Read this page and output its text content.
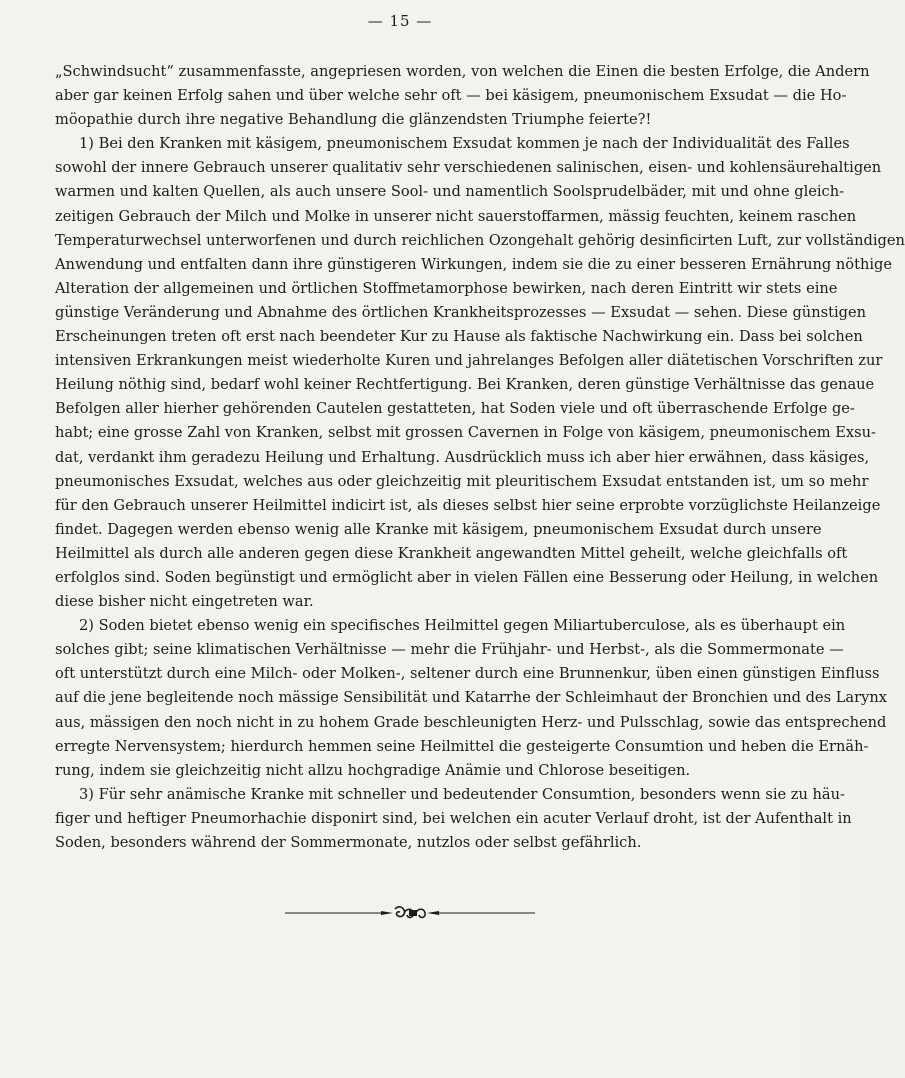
— 15 —
„Schwindsucht“ zusammenfasste, angepriesen worden, von welchen die Einen die besten Erfolge, die Andern
aber gar keinen Erfolg sahen und über welche sehr oft — bei käsigem, pneumonischem Exsudat — die Ho-
möopathie durch ihre negative Behandlung die glänzendsten Triumphe feierte?!
1) Bei den Kranken mit käsigem, pneumonischem Exsudat kommen je nach der Individualität des Falles
sowohl der innere Gebrauch unserer qualitativ sehr verschiedenen salinischen, eisen- und kohlensäurehaltigen
warmen und kalten Quellen, als auch unsere Sool- und namentlich Soolsprudelbäder, mit und ohne gleich-
zeitigen Gebrauch der Milch und Molke in unserer nicht sauerstoffarmen, mässig feuchten, keinem raschen
Temperaturwechsel unterworfenen und durch reichlichen Ozongehalt gehörig desinficirten Luft, zur vollständigen
Anwendung und entfalten dann ihre günstigeren Wirkungen, indem sie die zu einer besseren Ernährung nöthige
Alteration der allgemeinen und örtlichen Stoffmetamorphose bewirken, nach deren Eintritt wir stets eine
günstige Veränderung und Abnahme des örtlichen Krankheitsprozesses — Exsudat — sehen. Diese günstigen
Erscheinungen treten oft erst nach beendeter Kur zu Hause als faktische Nachwirkung ein. Dass bei solchen
intensiven Erkrankungen meist wiederholte Kuren und jahrelanges Befolgen aller diätetischen Vorschriften zur
Heilung nöthig sind, bedarf wohl keiner Rechtfertigung. Bei Kranken, deren günstige Verhältnisse das genaue
Befolgen aller hierher gehörenden Cautelen gestatteten, hat Soden viele und oft überraschende Erfolge ge-
habt; eine grosse Zahl von Kranken, selbst mit grossen Cavernen in Folge von käsigem, pneumonischem Exsu-
dat, verdankt ihm geradezu Heilung und Erhaltung. Ausdrücklich muss ich aber hier erwähnen, dass käsiges,
pneumonisches Exsudat, welches aus oder gleichzeitig mit pleuritischem Exsudat entstanden ist, um so mehr
für den Gebrauch unserer Heilmittel indicirt ist, als dieses selbst hier seine erprobte vorzüglichste Heilanzeige
findet. Dagegen werden ebenso wenig alle Kranke mit käsigem, pneumonischem Exsudat durch unsere
Heilmittel als durch alle anderen gegen diese Krankheit angewandten Mittel geheilt, welche gleichfalls oft
erfolglos sind. Soden begünstigt und ermöglicht aber in vielen Fällen eine Besserung oder Heilung, in welchen
diese bisher nicht eingetreten war.
2) Soden bietet ebenso wenig ein specifisches Heilmittel gegen Miliartuberculose, als es überhaupt ein
solches gibt; seine klimatischen Verhältnisse — mehr die Frühjahr- und Herbst-, als die Sommermonate —
oft unterstützt durch eine Milch- oder Molken-, seltener durch eine Brunnenkur, üben einen günstigen Einfluss
auf die jene begleitende noch mässige Sensibilität und Katarrhe der Schleimhaut der Bronchien und des Larynx
aus, mässigen den noch nicht in zu hohem Grade beschleunigten Herz- und Pulsschlag, sowie das entsprechend
erregte Nervensystem; hierdurch hemmen seine Heilmittel die gesteigerte Consumtion und heben die Ernäh-
rung, indem sie gleichzeitig nicht allzu hochgradige Anämie und Chlorose beseitigen.
3) Für sehr anämische Kranke mit schneller und bedeutender Consumtion, besonders wenn sie zu häu-
figer und heftiger Pneumorhachie disponirt sind, bei welchen ein acuter Verlauf droht, ist der Aufenthalt in
Soden, besonders während der Sommermonate, nutzlos oder selbst gefährlich.
